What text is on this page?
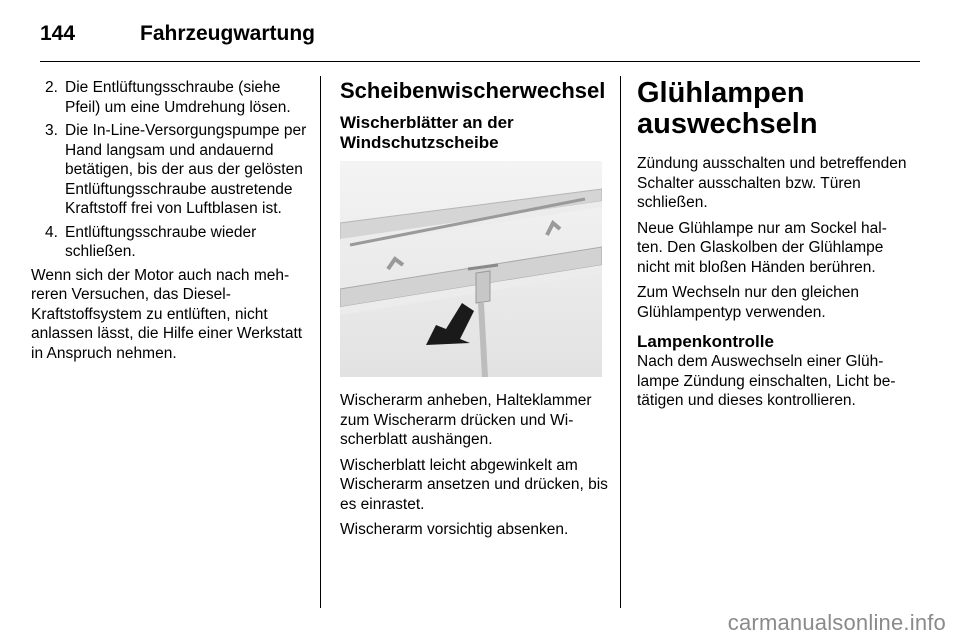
144	Fahrzeugwartung
2. Die Entlüftungsschraube (siehe Pfeil) um eine Umdrehung lösen.
3. Die In-Line-Versorgungspumpe per Hand langsam und andauernd betätigen, bis der aus der gelösten Entlüftungsschraube austretende Kraftstoff frei von Luftblasen ist.
4. Entlüftungsschraube wieder schließen.

Wenn sich der Motor auch nach mehreren Versuchen, das Diesel-Kraftstoffsystem zu entlüften, nicht anlassen lässt, die Hilfe einer Werkstatt in Anspruch nehmen.

Scheibenwischerwechsel
Wischerblätter an der Windschutzscheibe

Wischerarm anheben, Halteklammer zum Wischerarm drücken und Wischerblatt aushängen.

Wischerblatt leicht abgewinkelt am Wischerarm ansetzen und drücken, bis es einrastet.

Wischerarm vorsichtig absenken.

Glühlampen auswechseln

Zündung ausschalten und betreffenden Schalter ausschalten bzw. Türen schließen.

Neue Glühlampe nur am Sockel halten. Den Glaskolben der Glühlampe nicht mit bloßen Händen berühren.

Zum Wechseln nur den gleichen Glühlampentyp verwenden.

Lampenkontrolle

Nach dem Auswechseln einer Glühlampe Zündung einschalten, Licht betätigen und dieses kontrollieren.

carmanualsonline.info
